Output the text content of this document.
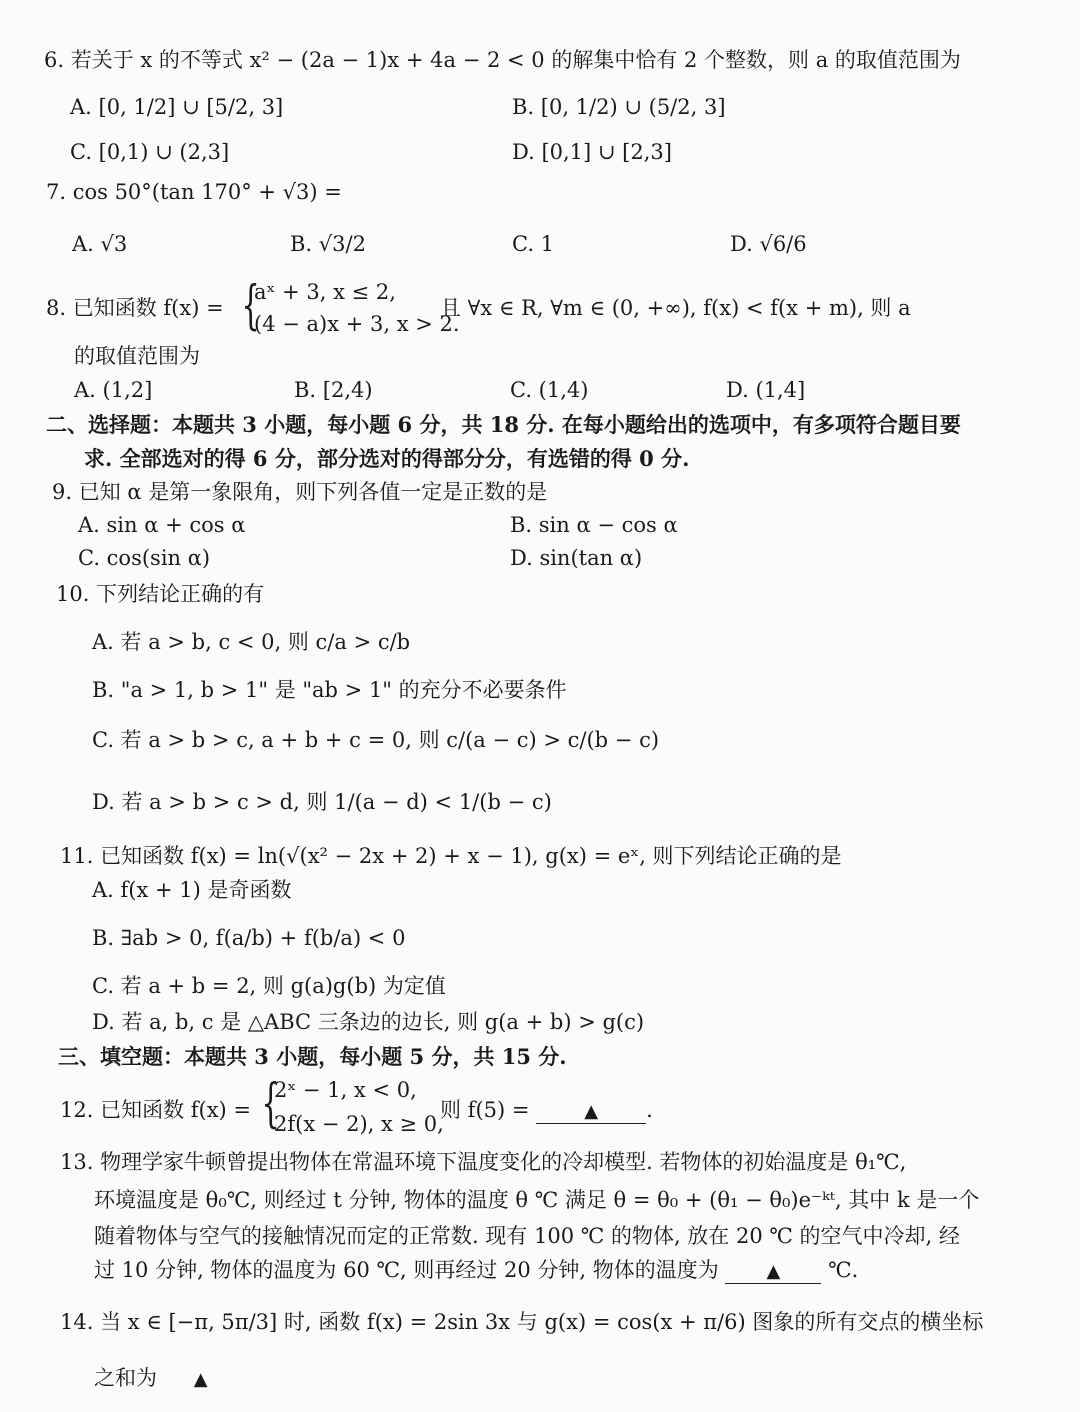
6. 若关于 x 的不等式 x² − (2a − 1)x + 4a − 2 < 0 的解集中恰有 2 个整数，则 a 的取值范围为
A. [0, 1/2] ∪ [5/2, 3]	B. [0, 1/2) ∪ (5/2, 3]
C. [0,1) ∪ (2,3]	D. [0,1] ∪ [2,3]
7. cos 50°(tan 170° + √3) =
A. √3	B. √3/2	C. 1	D. √6/6
8. 已知函数 f(x) = {
aˣ + 3, x ≤ 2,
(4 − a)x + 3, x > 2.
且 ∀x ∈ R, ∀m ∈ (0, +∞), f(x) < f(x + m), 则 a
的取值范围为
A. (1,2]	B. [2,4)	C. (1,4)	D. (1,4]
二、选择题：本题共 3 小题，每小题 6 分，共 18 分. 在每小题给出的选项中，有多项符合题目要
求. 全部选对的得 6 分，部分选对的得部分分，有选错的得 0 分.
9. 已知 α 是第一象限角，则下列各值一定是正数的是
A. sin α + cos α	B. sin α − cos α
C. cos(sin α)	D. sin(tan α)
10. 下列结论正确的有
A. 若 a > b, c < 0, 则 c/a > c/b
B. "a > 1, b > 1" 是 "ab > 1" 的充分不必要条件
C. 若 a > b > c, a + b + c = 0, 则 c/(a − c) > c/(b − c)
D. 若 a > b > c > d, 则 1/(a − d) < 1/(b − c)
11. 已知函数 f(x) = ln(√(x² − 2x + 2) + x − 1), g(x) = eˣ, 则下列结论正确的是
A. f(x + 1) 是奇函数
B. ∃ab > 0, f(a/b) + f(b/a) < 0
C. 若 a + b = 2, 则 g(a)g(b) 为定值
D. 若 a, b, c 是 △ABC 三条边的边长, 则 g(a + b) > g(c)
三、填空题：本题共 3 小题，每小题 5 分，共 15 分.
12. 已知函数 f(x) = {
2ˣ − 1, x < 0,
2f(x − 2), x ≥ 0,
则 f(5) =	▲ .
13. 物理学家牛顿曾提出物体在常温环境下温度变化的冷却模型. 若物体的初始温度是 θ₁℃,
环境温度是 θ₀℃, 则经过 t 分钟, 物体的温度 θ ℃ 满足 θ = θ₀ + (θ₁ − θ₀)e⁻ᵏᵗ, 其中 k 是一个
随着物体与空气的接触情况而定的正常数. 现有 100 ℃ 的物体, 放在 20 ℃ 的空气中冷却, 经
过 10 分钟, 物体的温度为 60 ℃, 则再经过 20 分钟, 物体的温度为	▲ ℃.
14. 当 x ∈ [−π, 5π/3] 时, 函数 f(x) = 2sin 3x 与 g(x) = cos(x + π/6) 图象的所有交点的横坐标
之和为 ▲
